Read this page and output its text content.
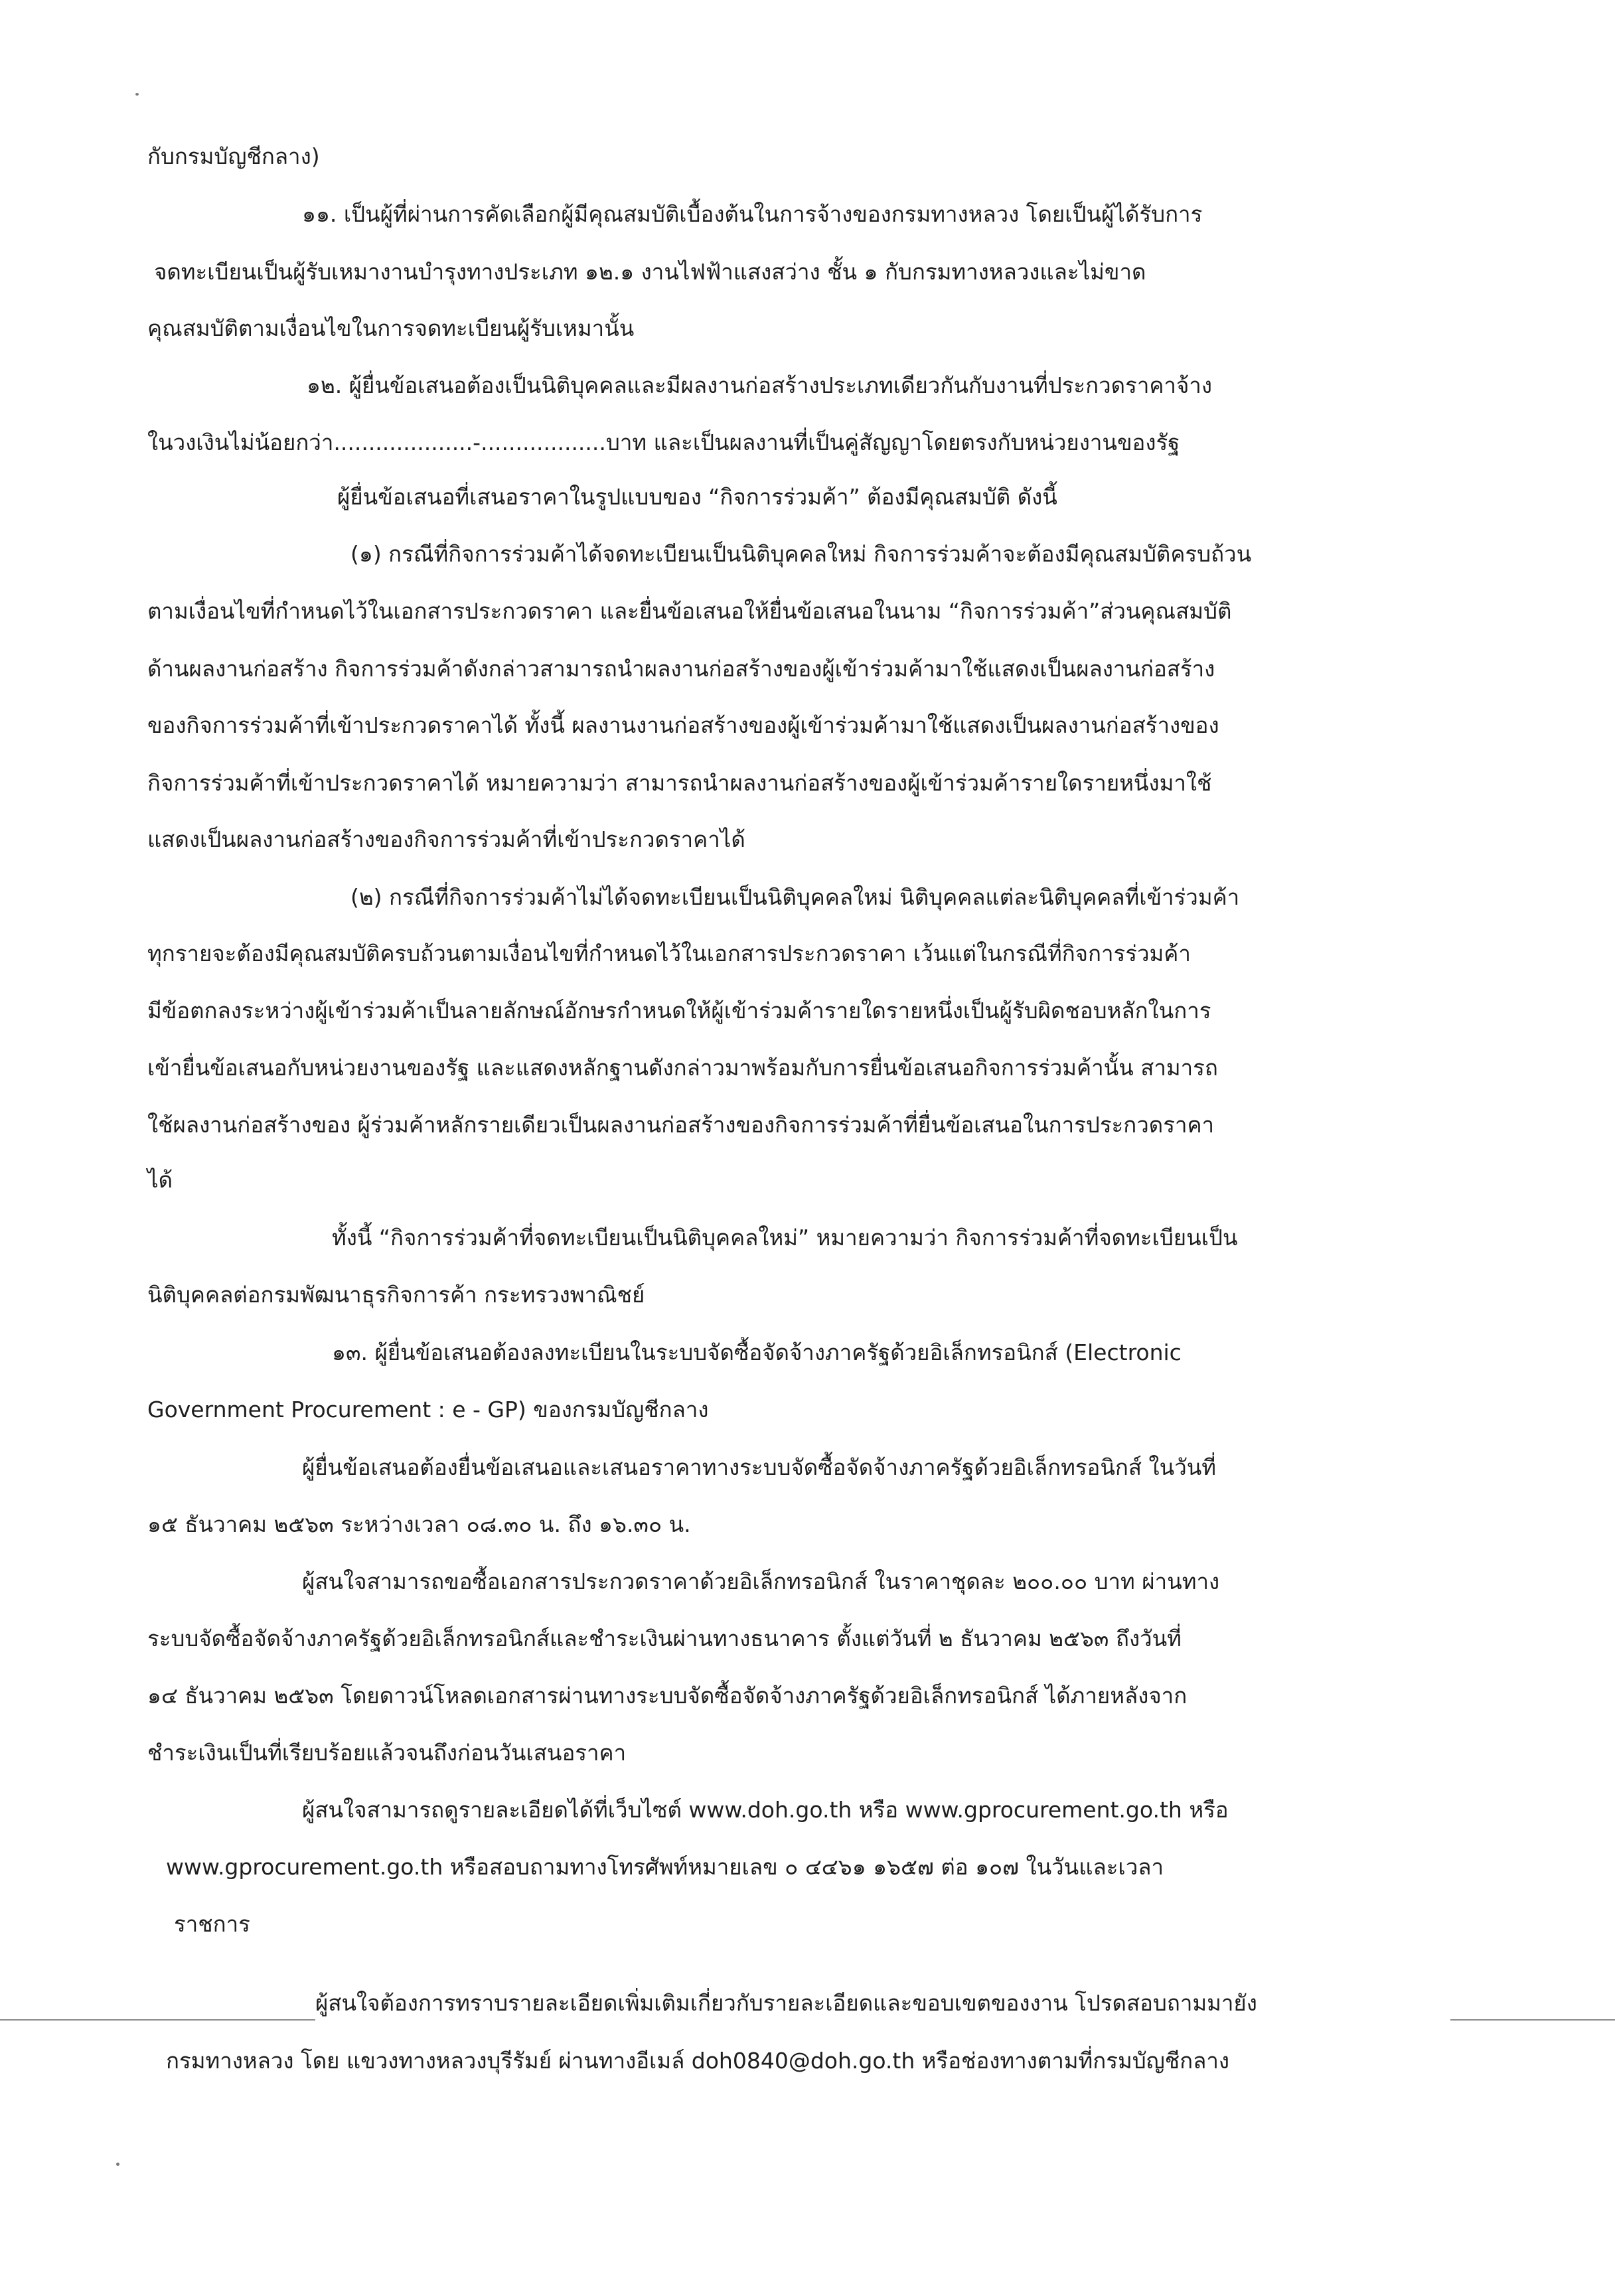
กับกรมบัญชีกลาง)
๑๑. เป็นผู้ที่ผ่านการคัดเลือกผู้มีคุณสมบัติเบื้องต้นในการจ้างของกรมทางหลวง โดยเป็นผู้ได้รับการ
จดทะเบียนเป็นผู้รับเหมางานบำรุงทางประเภท ๑๒.๑ งานไฟฟ้าแสงสว่าง ชั้น ๑ กับกรมทางหลวงและไม่ขาด
คุณสมบัติตามเงื่อนไขในการจดทะเบียนผู้รับเหมานั้น
๑๒. ผู้ยื่นข้อเสนอต้องเป็นนิติบุคคลและมีผลงานก่อสร้างประเภทเดียวกันกับงานที่ประกวดราคาจ้าง
ในวงเงินไม่น้อยกว่า....................-..................บาท และเป็นผลงานที่เป็นคู่สัญญาโดยตรงกับหน่วยงานของรัฐ
ผู้ยื่นข้อเสนอที่เสนอราคาในรูปแบบของ “กิจการร่วมค้า” ต้องมีคุณสมบัติ ดังนี้
(๑) กรณีที่กิจการร่วมค้าได้จดทะเบียนเป็นนิติบุคคลใหม่ กิจการร่วมค้าจะต้องมีคุณสมบัติครบถ้วน
ตามเงื่อนไขที่กำหนดไว้ในเอกสารประกวดราคา และยื่นข้อเสนอให้ยื่นข้อเสนอในนาม “กิจการร่วมค้า”ส่วนคุณสมบัติ
ด้านผลงานก่อสร้าง กิจการร่วมค้าดังกล่าวสามารถนำผลงานก่อสร้างของผู้เข้าร่วมค้ามาใช้แสดงเป็นผลงานก่อสร้าง
ของกิจการร่วมค้าที่เข้าประกวดราคาได้ ทั้งนี้ ผลงานงานก่อสร้างของผู้เข้าร่วมค้ามาใช้แสดงเป็นผลงานก่อสร้างของ
กิจการร่วมค้าที่เข้าประกวดราคาได้ หมายความว่า สามารถนำผลงานก่อสร้างของผู้เข้าร่วมค้ารายใดรายหนึ่งมาใช้
แสดงเป็นผลงานก่อสร้างของกิจการร่วมค้าที่เข้าประกวดราคาได้
(๒) กรณีที่กิจการร่วมค้าไม่ได้จดทะเบียนเป็นนิติบุคคลใหม่ นิติบุคคลแต่ละนิติบุคคลที่เข้าร่วมค้า
ทุกรายจะต้องมีคุณสมบัติครบถ้วนตามเงื่อนไขที่กำหนดไว้ในเอกสารประกวดราคา เว้นแต่ในกรณีที่กิจการร่วมค้า
มีข้อตกลงระหว่างผู้เข้าร่วมค้าเป็นลายลักษณ์อักษรกำหนดให้ผู้เข้าร่วมค้ารายใดรายหนึ่งเป็นผู้รับผิดชอบหลักในการ
เข้ายื่นข้อเสนอกับหน่วยงานของรัฐ และแสดงหลักฐานดังกล่าวมาพร้อมกับการยื่นข้อเสนอกิจการร่วมค้านั้น สามารถ
ใช้ผลงานก่อสร้างของ ผู้ร่วมค้าหลักรายเดียวเป็นผลงานก่อสร้างของกิจการร่วมค้าที่ยื่นข้อเสนอในการประกวดราคา
ได้
ทั้งนี้ “กิจการร่วมค้าที่จดทะเบียนเป็นนิติบุคคลใหม่” หมายความว่า กิจการร่วมค้าที่จดทะเบียนเป็น
นิติบุคคลต่อกรมพัฒนาธุรกิจการค้า กระทรวงพาณิชย์
๑๓. ผู้ยื่นข้อเสนอต้องลงทะเบียนในระบบจัดซื้อจัดจ้างภาครัฐด้วยอิเล็กทรอนิกส์ (Electronic
Government Procurement : e - GP) ของกรมบัญชีกลาง
ผู้ยื่นข้อเสนอต้องยื่นข้อเสนอและเสนอราคาทางระบบจัดซื้อจัดจ้างภาครัฐด้วยอิเล็กทรอนิกส์ ในวันที่
๑๕ ธันวาคม ๒๕๖๓ ระหว่างเวลา ๐๘.๓๐ น. ถึง ๑๖.๓๐ น.
ผู้สนใจสามารถขอซื้อเอกสารประกวดราคาด้วยอิเล็กทรอนิกส์ ในราคาชุดละ ๒๐๐.๐๐ บาท ผ่านทาง
ระบบจัดซื้อจัดจ้างภาครัฐด้วยอิเล็กทรอนิกส์และชำระเงินผ่านทางธนาคาร ตั้งแต่วันที่ ๒ ธันวาคม ๒๕๖๓ ถึงวันที่
๑๔ ธันวาคม ๒๕๖๓ โดยดาวน์โหลดเอกสารผ่านทางระบบจัดซื้อจัดจ้างภาครัฐด้วยอิเล็กทรอนิกส์ ได้ภายหลังจาก
ชำระเงินเป็นที่เรียบร้อยแล้วจนถึงก่อนวันเสนอราคา
ผู้สนใจสามารถดูรายละเอียดได้ที่เว็บไซต์ www.doh.go.th หรือ www.gprocurement.go.th หรือ
www.gprocurement.go.th หรือสอบถามทางโทรศัพท์หมายเลข ๐ ๔๔๖๑ ๑๖๕๗ ต่อ ๑๐๗ ในวันและเวลา
ราชการ
ผู้สนใจต้องการทราบรายละเอียดเพิ่มเติมเกี่ยวกับรายละเอียดและขอบเขตของงาน โปรดสอบถามมายัง
กรมทางหลวง โดย แขวงทางหลวงบุรีรัมย์ ผ่านทางอีเมล์ doh0840@doh.go.th หรือช่องทางตามที่กรมบัญชีกลาง
